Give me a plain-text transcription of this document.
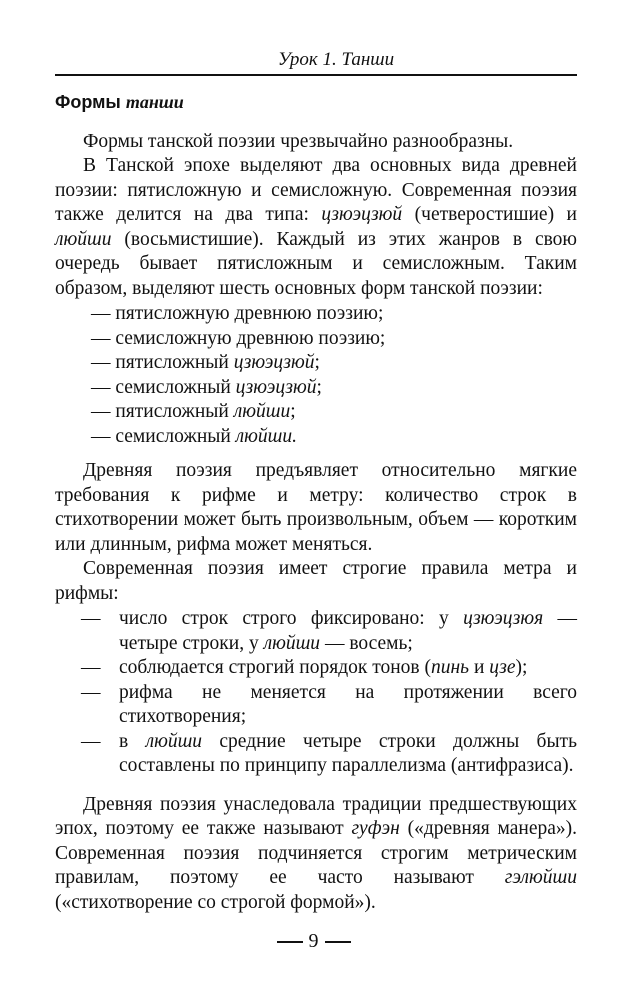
Урок 1. Танши
Формы танши

Формы танской поэзии чрезвычайно разнообразны.

В Танской эпохе выделяют два основных вида древней поэзии: пятисложную и семисложную. Современная поэзия также делится на два типа: цзюэцзюй (четверостишие) и люйши (восьмистишие). Каждый из этих жанров в свою очередь бывает пятисложным и семисложным. Таким образом, выделяют шесть основных форм танской поэзии:

— пятисложную древнюю поэзию;
— семисложную древнюю поэзию;
— пятисложный цзюэцзюй;
— семисложный цзюэцзюй;
— пятисложный люйши;
— семисложный люйши.

Древняя поэзия предъявляет относительно мягкие требования к рифме и метру: количество строк в стихотворении может быть произвольным, объем — коротким или длинным, рифма может меняться.

Современная поэзия имеет строгие правила метра и рифмы:

— число строк строго фиксировано: у цзюэцзюя — четыре строки, у люйши — восемь;
— соблюдается строгий порядок тонов (пинь и цзе);
— рифма не меняется на протяжении всего стихотворения;
— в люйши средние четыре строки должны быть составлены по принципу параллелизма (антифразиса).

Древняя поэзия унаследовала традиции предшествующих эпох, поэтому ее также называют гуфэн («древняя манера»). Современная поэзия подчиняется строгим метрическим правилам, поэтому ее часто называют гэлюйши («стихотворение со строгой формой»).

9
